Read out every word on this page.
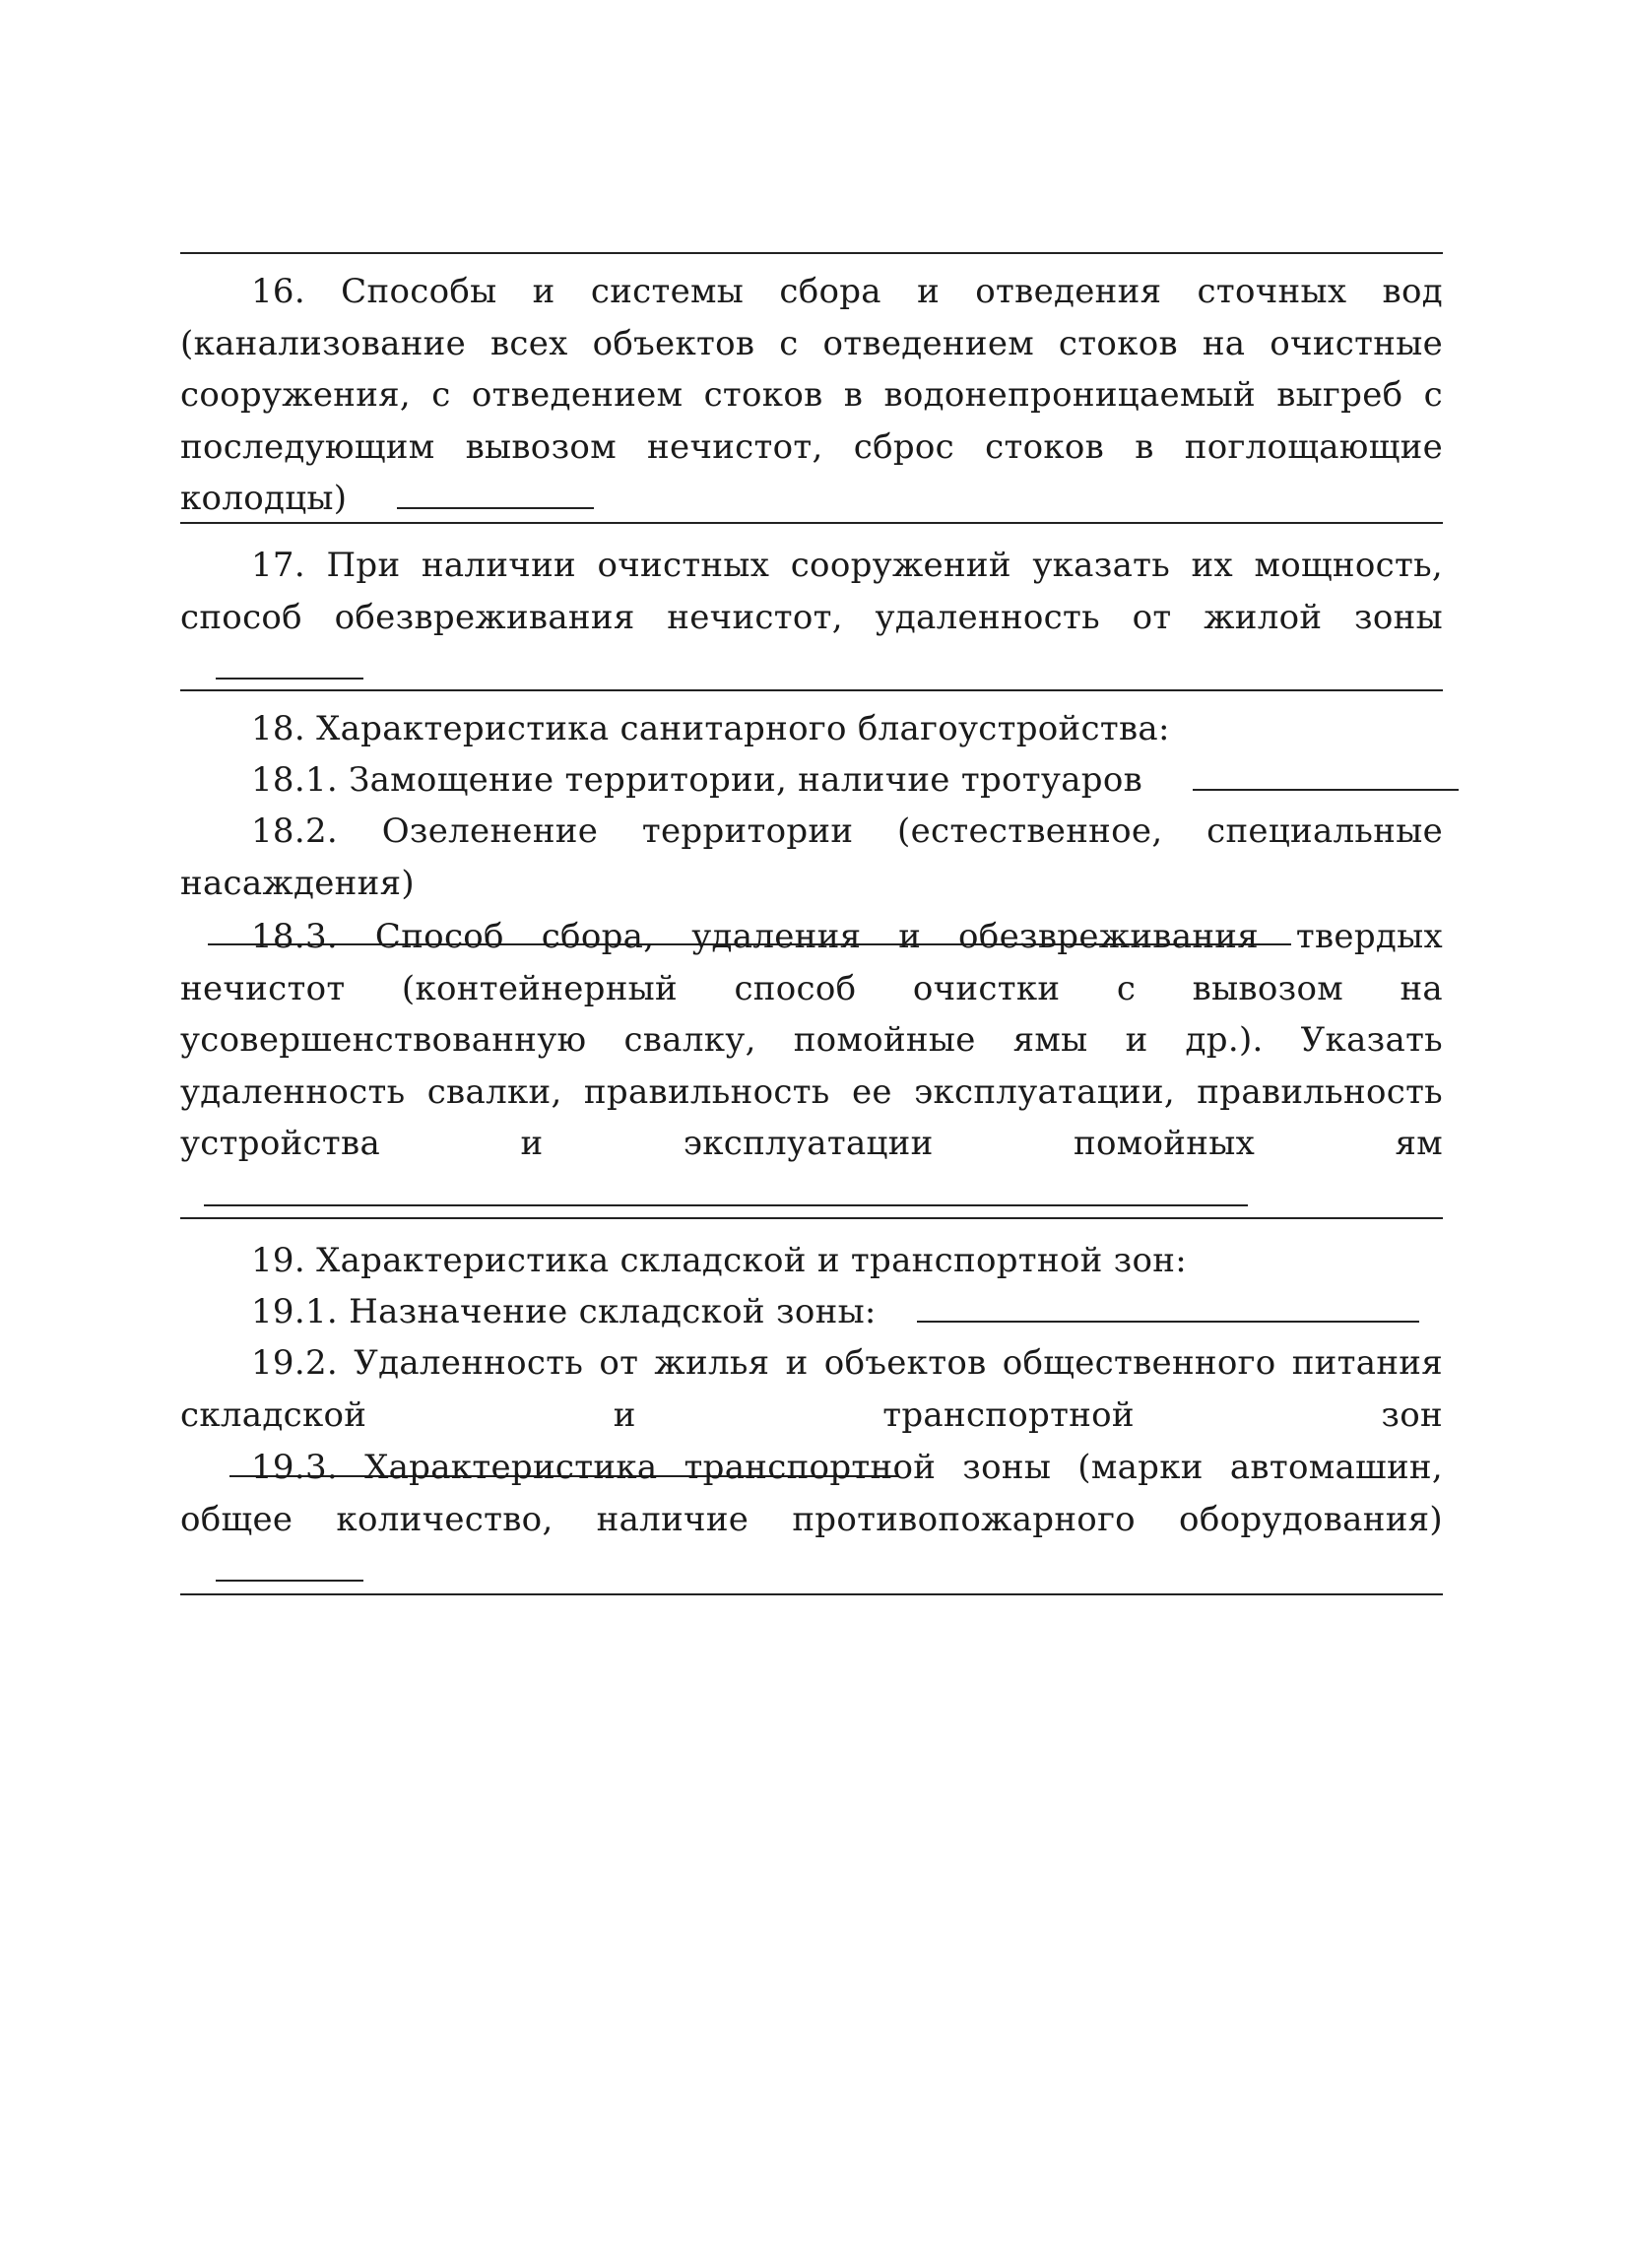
16. Способы и системы сбора и отведения сточных вод (канализование всех объектов с отведением стоков на очистные сооружения, с отведением стоков в водонепроницаемый выгреб с последующим вывозом нечистот, сброс стоков в поглощающие колодцы)
17. При наличии очистных сооружений указать их мощность, способ обезвреживания нечистот, удаленность от жилой зоны
18. Характеристика санитарного благоустройства:
18.1. Замощение территории, наличие тротуаров
18.2. Озеленение территории (естественное, специальные насаждения)
18.3. Способ сбора, удаления и обезвреживания твердых нечистот (контейнерный способ очистки с вывозом на усовершенствованную свалку, помойные ямы и др.). Указать удаленность свалки, правильность ее эксплуатации, правильность устройства и эксплуатации помойных ям
19. Характеристика складской и транспортной зон:
19.1. Назначение складской зоны:
19.2. Удаленность от жилья и объектов общественного питания складской и транспортной зон
19.3. Характеристика транспортной зоны (марки автомашин, общее количество, наличие противопожарного оборудования)
